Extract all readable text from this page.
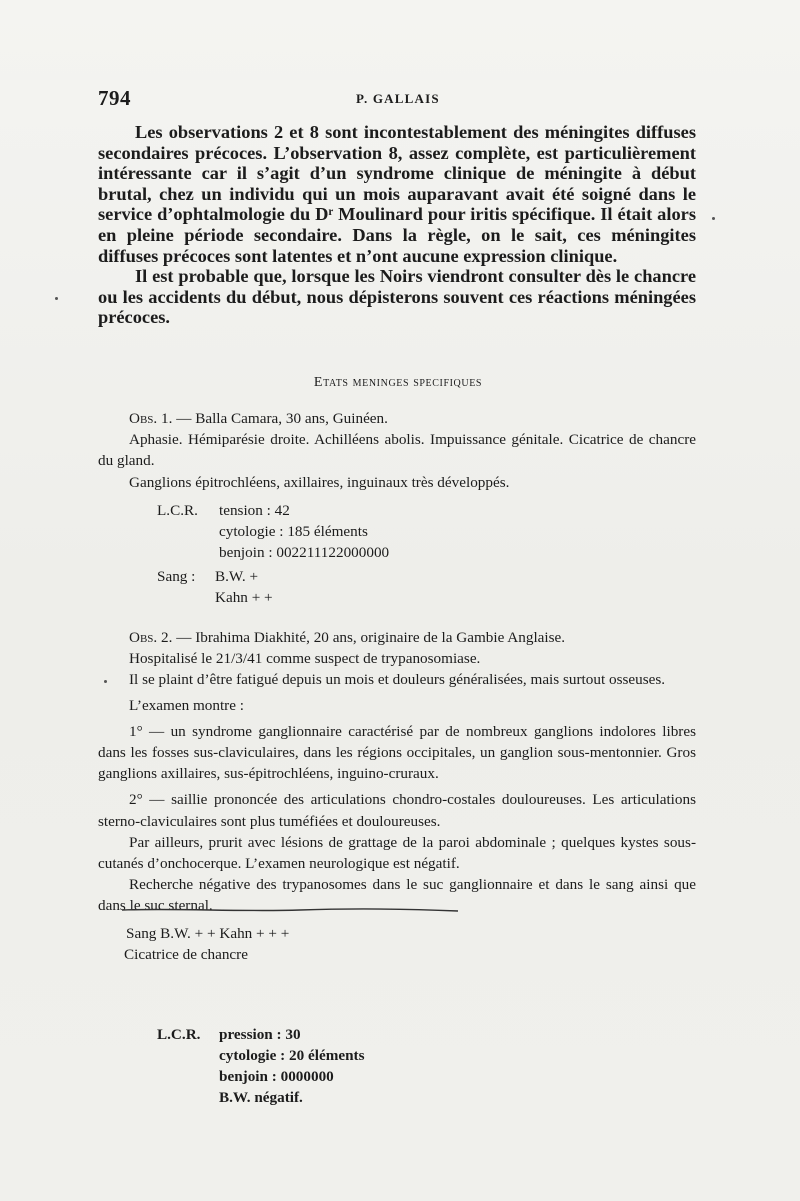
794	P. GALLAIS

Les observations 2 et 8 sont incontestablement des méningites diffuses secondaires précoces. L’observation 8, assez complète, est particulièrement intéressante car il s’agit d’un syndrome clinique de méningite à début brutal, chez un individu qui un mois auparavant avait été soigné dans le service d’ophtalmologie du Dʳ Moulinard pour iritis spécifique. Il était alors en pleine période secondaire. Dans la règle, on le sait, ces méningites diffuses précoces sont latentes et n’ont aucune expression clinique.

Il est probable que, lorsque les Noirs viendront consulter dès le chancre ou les accidents du début, nous dépisterons souvent ces réactions méningées précoces.

Etats meninges specifiques

Obs. 1. — Balla Camara, 30 ans, Guinéen.

Aphasie. Hémiparésie droite. Achilléens abolis. Impuissance génitale. Cicatrice de chancre du gland.

Ganglions épitrochléens, axillaires, inguinaux très développés.

L.C.R. tension : 42
cytologie : 185 éléments
benjoin : 002211122000000
Sang : B.W. +
Kahn + +

Obs. 2. — Ibrahima Diakhité, 20 ans, originaire de la Gambie Anglaise.

Hospitalisé le 21/3/41 comme suspect de trypanosomiase.

Il se plaint d’être fatigué depuis un mois et douleurs généralisées, mais surtout osseuses.

L’examen montre :

1° — un syndrome ganglionnaire caractérisé par de nombreux ganglions indolores libres dans les fosses sus-claviculaires, dans les régions occipitales, un ganglion sous-mentonnier. Gros ganglions axillaires, sus-épitrochléens, inguino-cruraux.

2° — saillie prononcée des articulations chondro-costales douloureuses. Les articulations sterno-claviculaires sont plus tuméfiées et douloureuses.

Par ailleurs, prurit avec lésions de grattage de la paroi abdominale ; quelques kystes sous-cutanés d’onchocerque. L’examen neurologique est négatif.

Recherche négative des trypanosomes dans le suc ganglionnaire et dans le sang ainsi que dans le suc sternal.

Sang B.W. + + Kahn + + +

Cicatrice de chancre

L.C.R. pression : 30
cytologie : 20 éléments
benjoin : 0000000
B.W. négatif.
